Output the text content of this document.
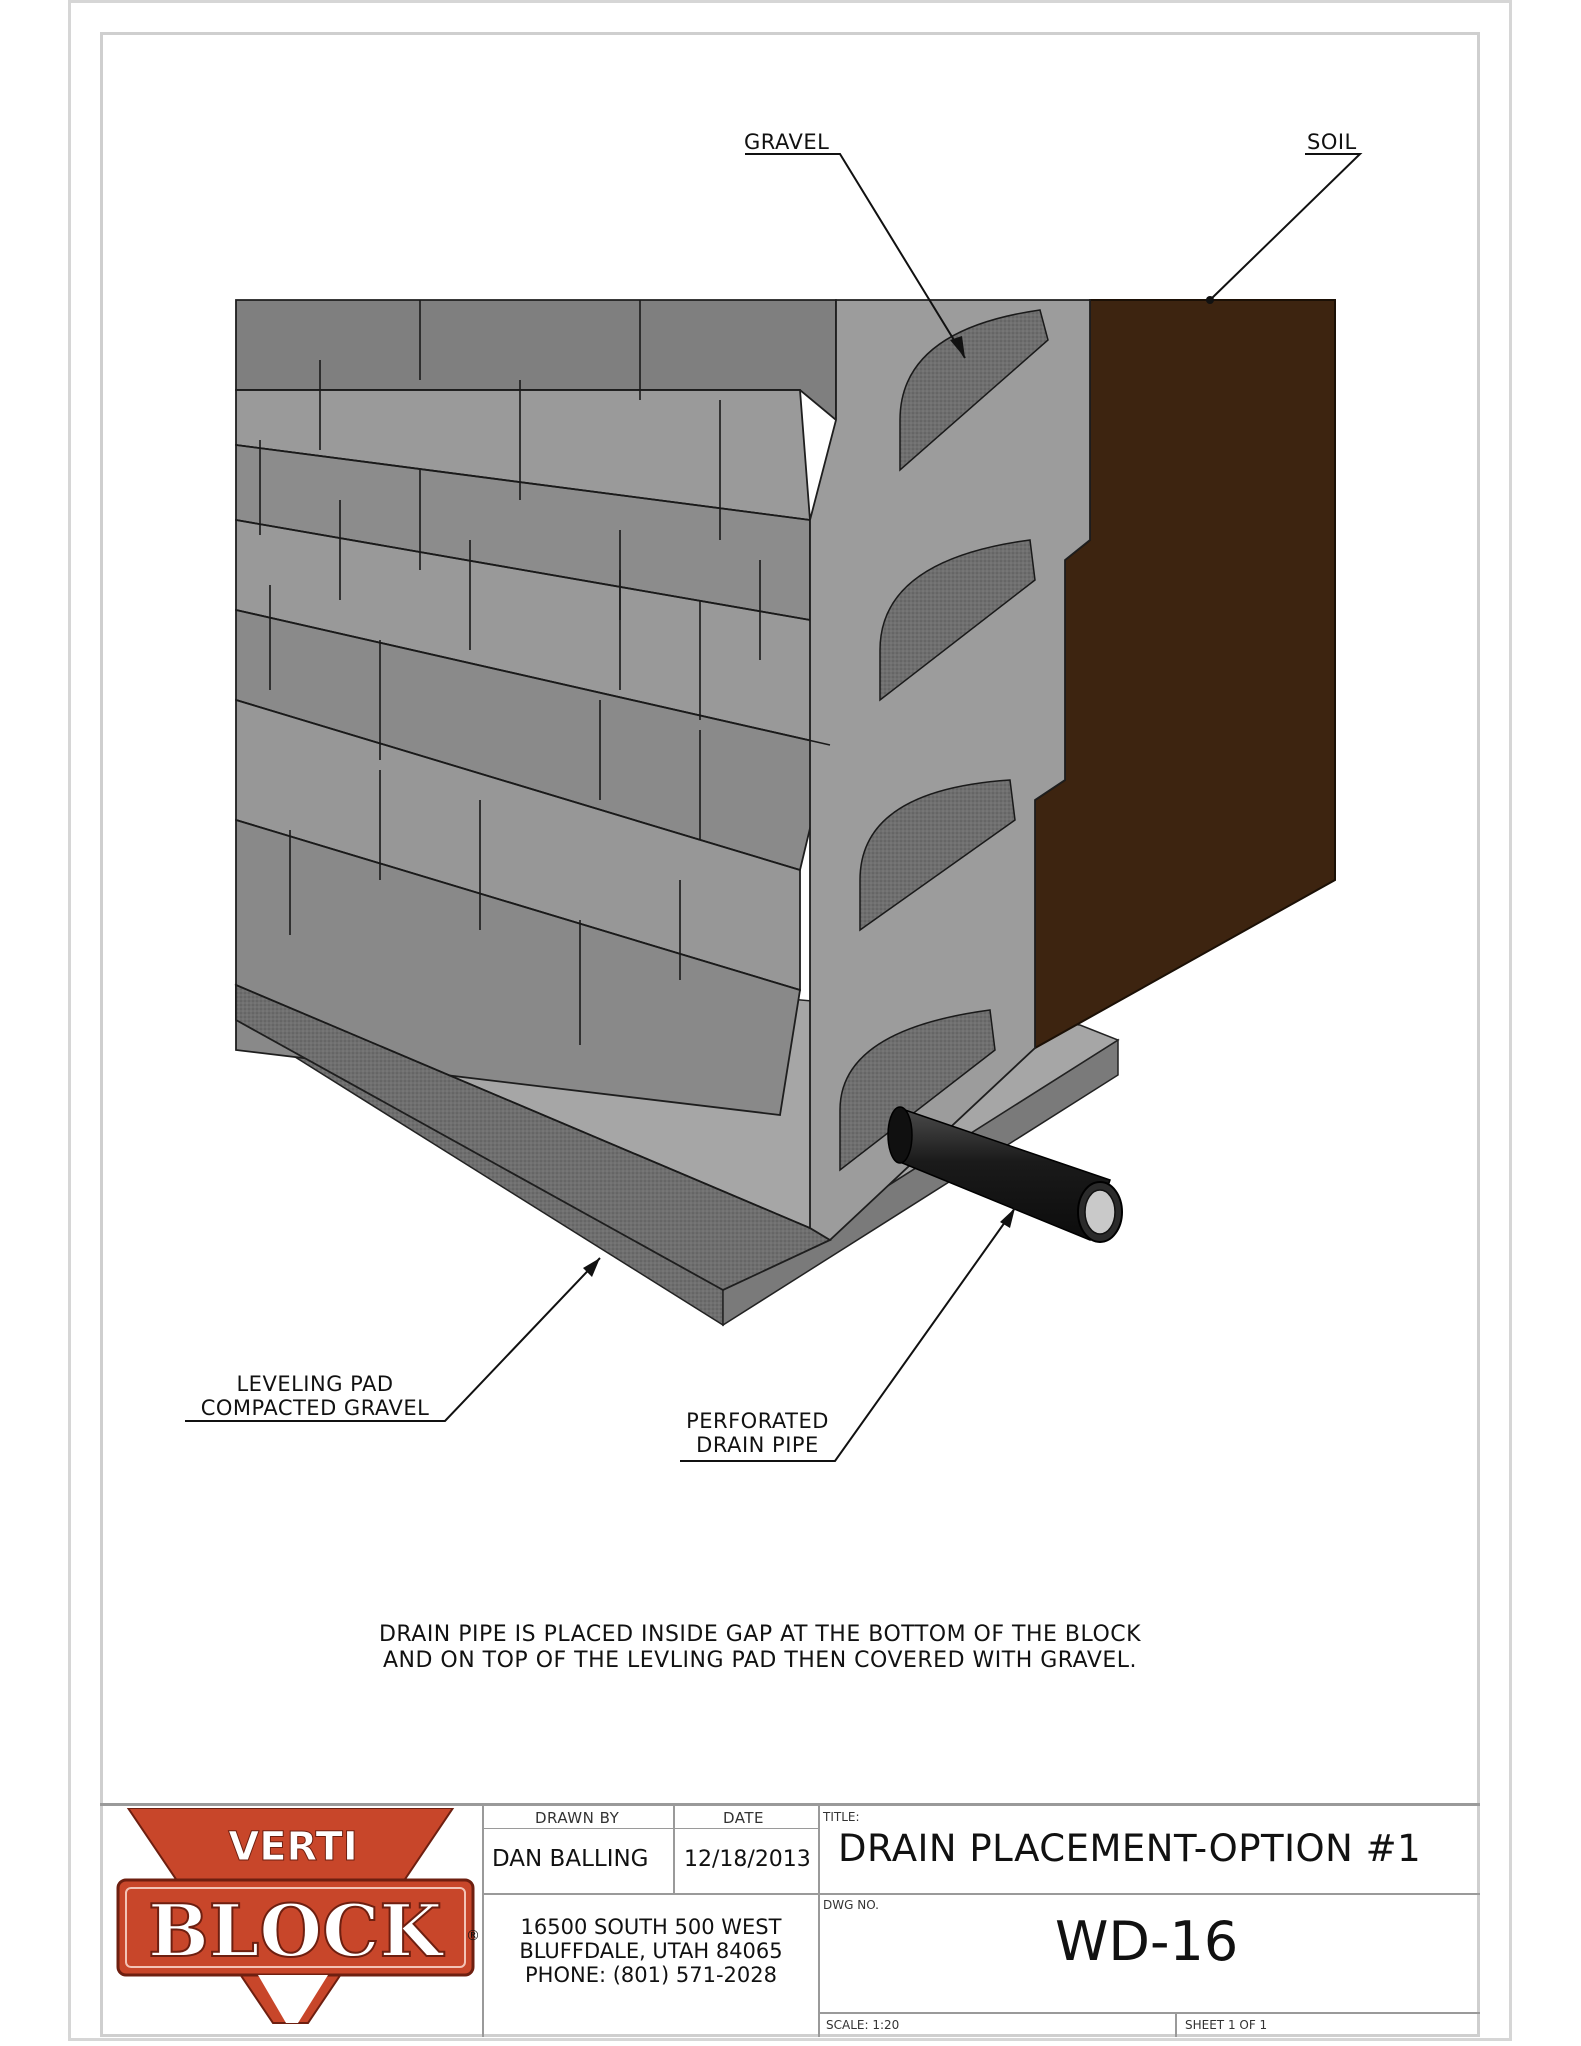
GRAVEL	SOIL
LEVELING PAD
COMPACTED GRAVEL
PERFORATED
DRAIN PIPE
DRAIN PIPE IS PLACED INSIDE GAP AT THE BOTTOM OF THE BLOCK
AND ON TOP OF THE LEVLING PAD THEN COVERED WITH GRAVEL.
VERTI
BLOCK ®
DRAWN BY
DAN BALLING
DATE
12/18/2013
TITLE:
DRAIN PLACEMENT-OPTION #1
DWG NO.
WD-16
16500 SOUTH 500 WEST
BLUFFDALE, UTAH 84065
PHONE: (801) 571-2028
SCALE: 1:20	SHEET 1 OF 1
